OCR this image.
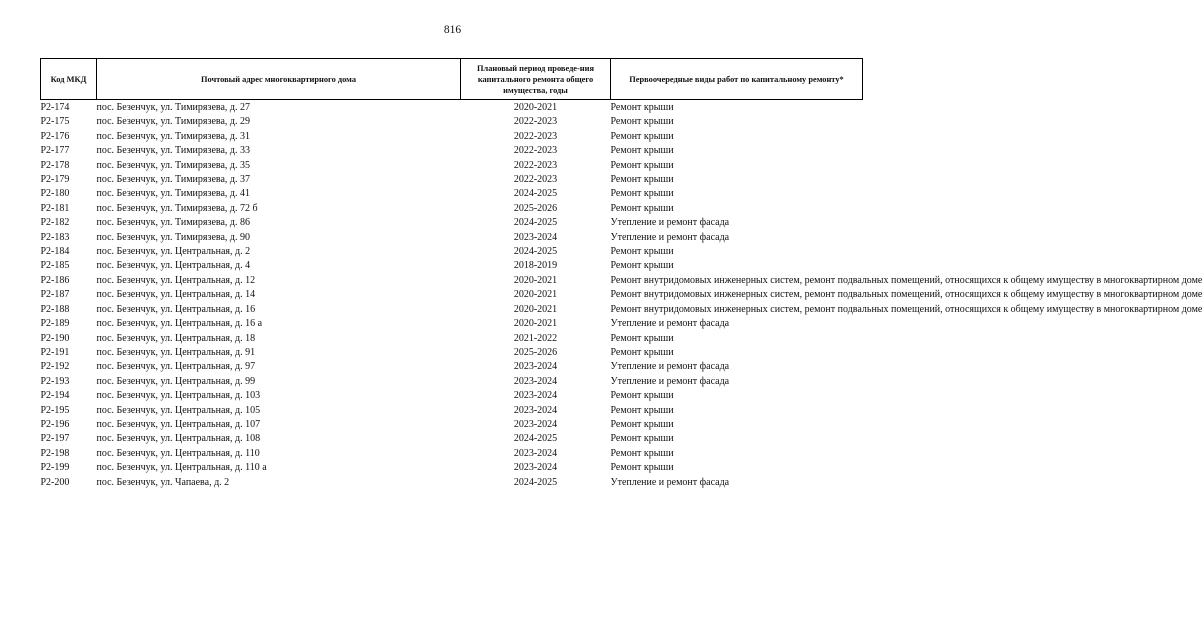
816
Код МКД	Почтовый адрес многоквартирного дома	Плановый период проведе-ния капитального ремонта общего имущества, годы	Первоочередные виды работ по капитальному ремонту*
Р2-174	пос. Безенчук, ул. Тимирязева, д. 27	2020-2021	Ремонт крыши
Р2-175	пос. Безенчук, ул. Тимирязева, д. 29	2022-2023	Ремонт крыши
Р2-176	пос. Безенчук, ул. Тимирязева, д. 31	2022-2023	Ремонт крыши
Р2-177	пос. Безенчук, ул. Тимирязева, д. 33	2022-2023	Ремонт крыши
Р2-178	пос. Безенчук, ул. Тимирязева, д. 35	2022-2023	Ремонт крыши
Р2-179	пос. Безенчук, ул. Тимирязева, д. 37	2022-2023	Ремонт крыши
Р2-180	пос. Безенчук, ул. Тимирязева, д. 41	2024-2025	Ремонт крыши
Р2-181	пос. Безенчук, ул. Тимирязева, д. 72 б	2025-2026	Ремонт крыши
Р2-182	пос. Безенчук, ул. Тимирязева, д. 86	2024-2025	Утепление и ремонт фасада
Р2-183	пос. Безенчук, ул. Тимирязева, д. 90	2023-2024	Утепление и ремонт фасада
Р2-184	пос. Безенчук, ул. Центральная, д. 2	2024-2025	Ремонт крыши
Р2-185	пос. Безенчук, ул. Центральная, д. 4	2018-2019	Ремонт крыши
Р2-186	пос. Безенчук, ул. Центральная, д. 12	2020-2021	Ремонт внутридомовых инженерных систем, ремонт подвальных помещений, относящихся к общему имуществу в многоквартирном доме
Р2-187	пос. Безенчук, ул. Центральная, д. 14	2020-2021	Ремонт внутридомовых инженерных систем, ремонт подвальных помещений, относящихся к общему имуществу в многоквартирном доме
Р2-188	пос. Безенчук, ул. Центральная, д. 16	2020-2021	Ремонт внутридомовых инженерных систем, ремонт подвальных помещений, относящихся к общему имуществу в многоквартирном доме
Р2-189	пос. Безенчук, ул. Центральная, д. 16 а	2020-2021	Утепление и ремонт фасада
Р2-190	пос. Безенчук, ул. Центральная, д. 18	2021-2022	Ремонт крыши
Р2-191	пос. Безенчук, ул. Центральная, д. 91	2025-2026	Ремонт крыши
Р2-192	пос. Безенчук, ул. Центральная, д. 97	2023-2024	Утепление и ремонт фасада
Р2-193	пос. Безенчук, ул. Центральная, д. 99	2023-2024	Утепление и ремонт фасада
Р2-194	пос. Безенчук, ул. Центральная, д. 103	2023-2024	Ремонт крыши
Р2-195	пос. Безенчук, ул. Центральная, д. 105	2023-2024	Ремонт крыши
Р2-196	пос. Безенчук, ул. Центральная, д. 107	2023-2024	Ремонт крыши
Р2-197	пос. Безенчук, ул. Центральная, д. 108	2024-2025	Ремонт крыши
Р2-198	пос. Безенчук, ул. Центральная, д. 110	2023-2024	Ремонт крыши
Р2-199	пос. Безенчук, ул. Центральная, д. 110 а	2023-2024	Ремонт крыши
Р2-200	пос. Безенчук, ул. Чапаева, д. 2	2024-2025	Утепление и ремонт фасада
